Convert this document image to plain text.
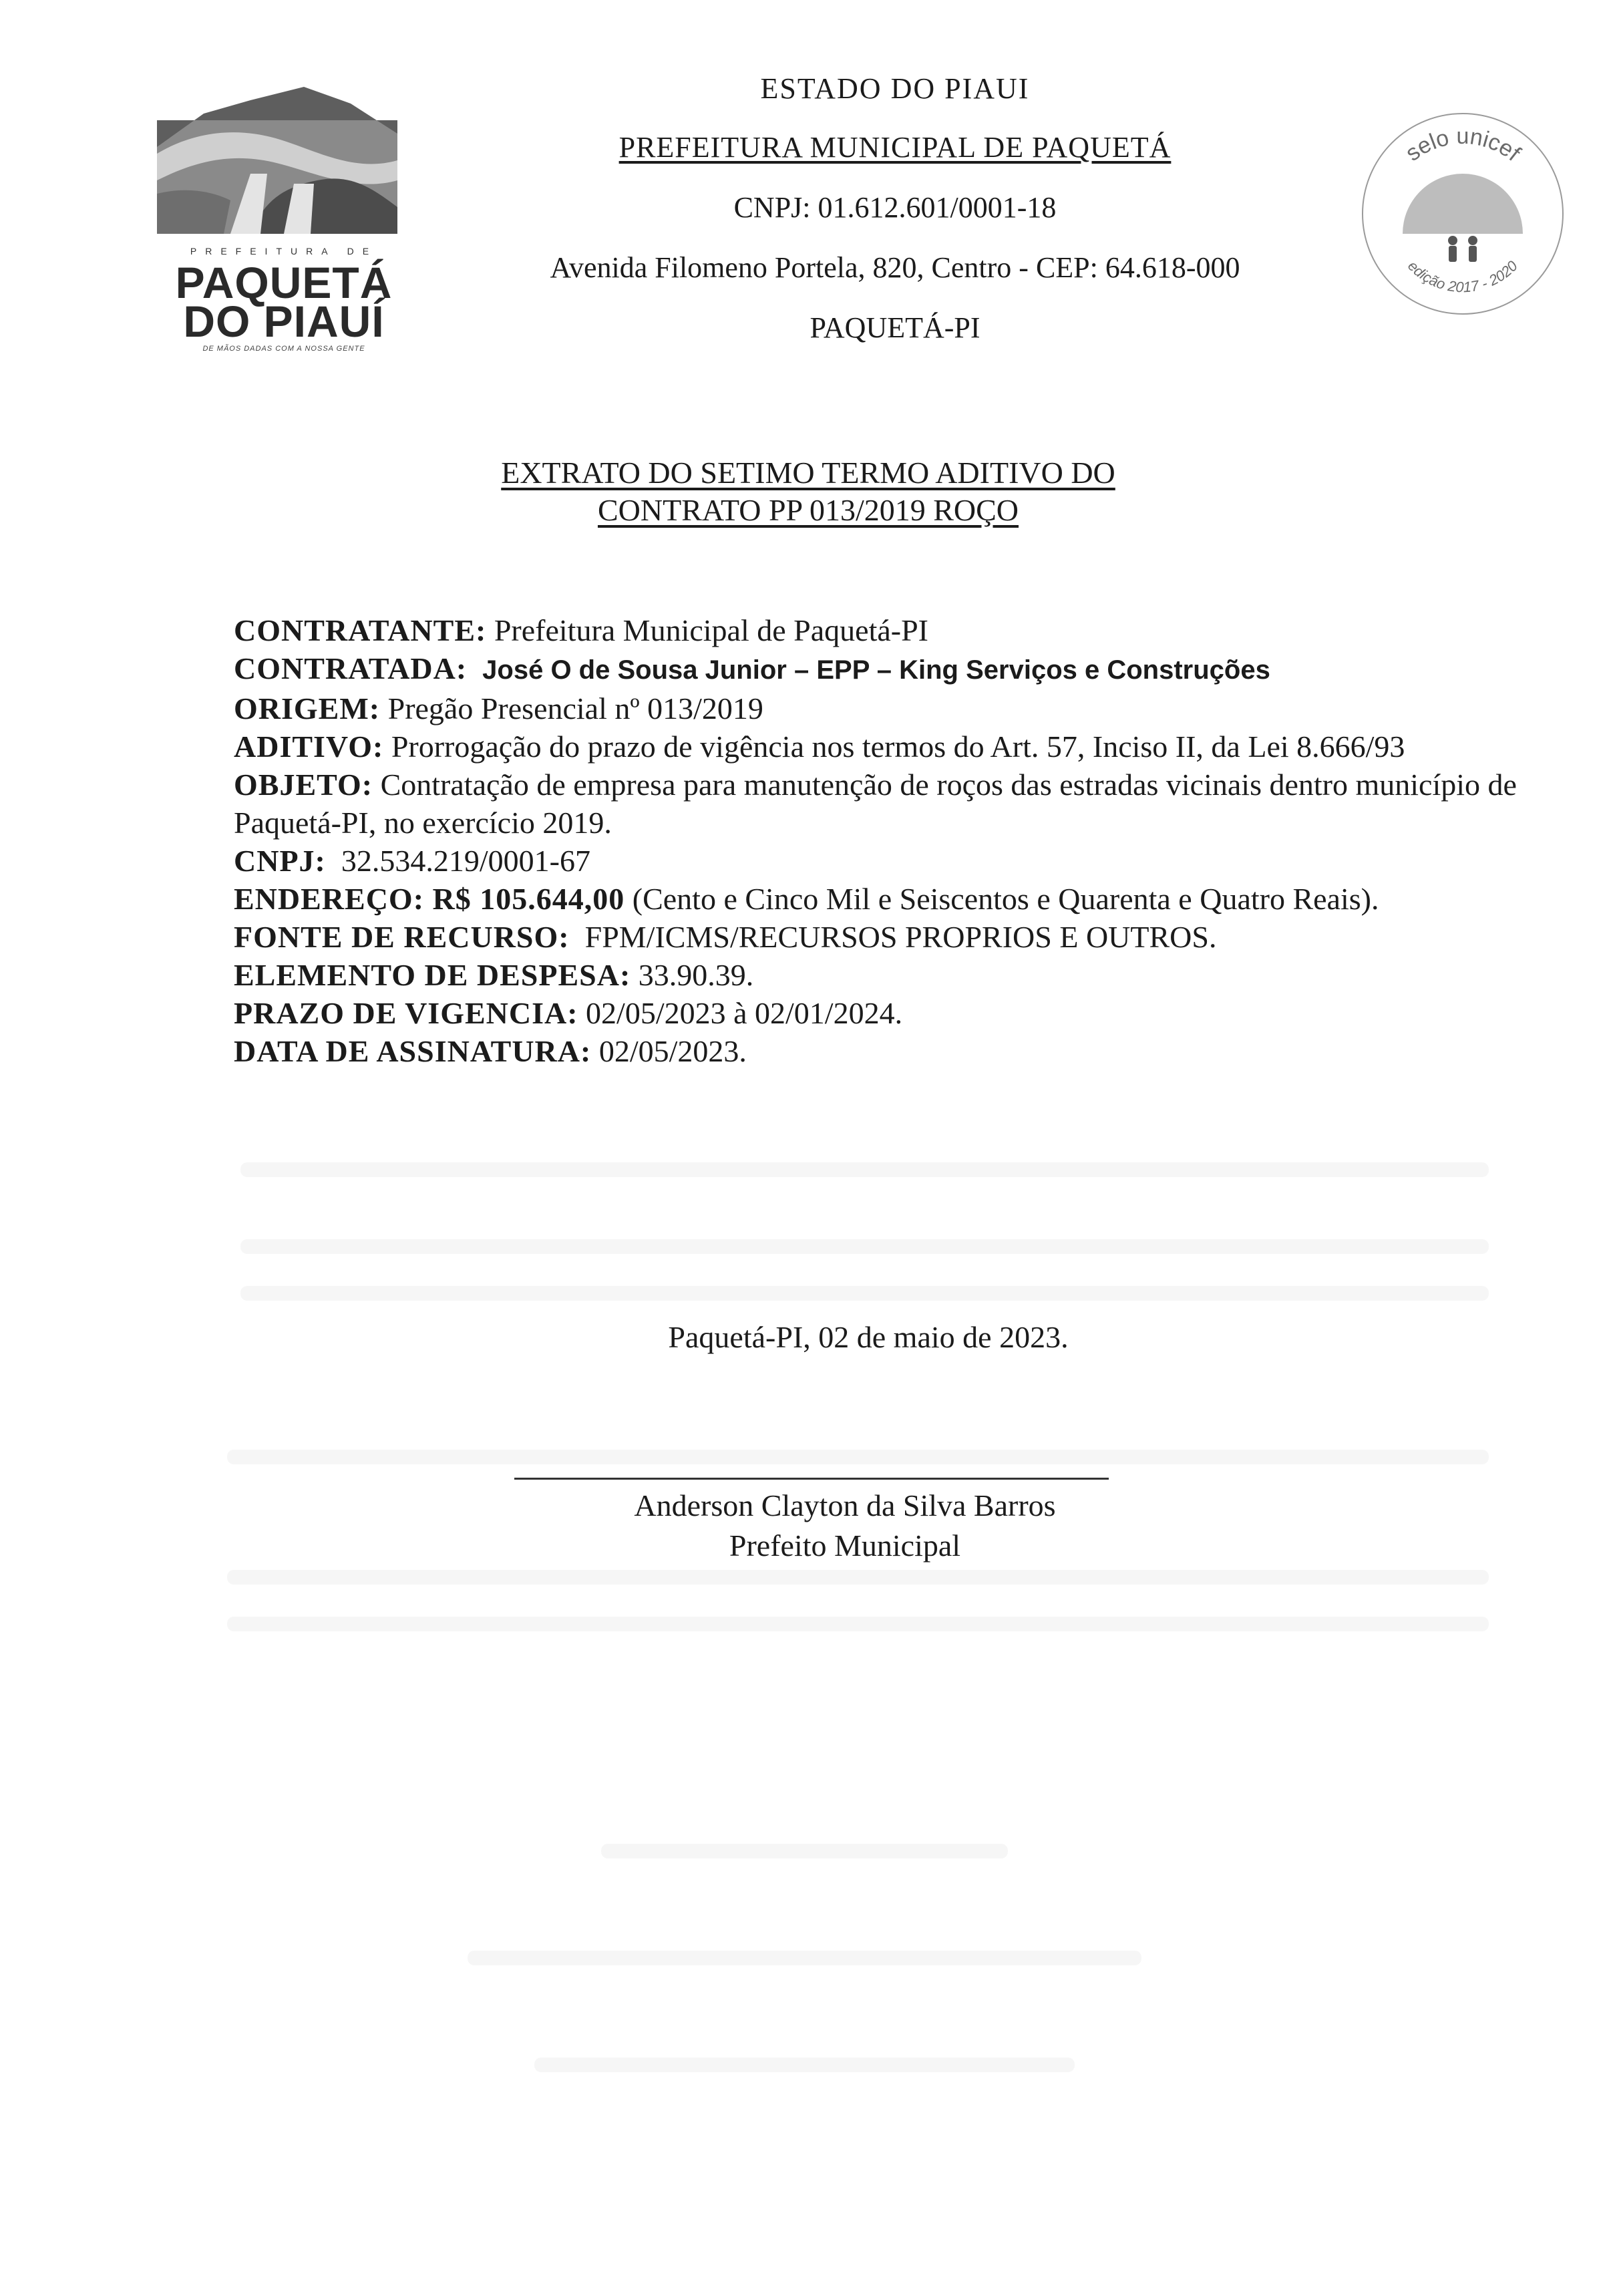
PREFEITURA DE
PAQUETÁ
DO PIAUÍ
DE MÃOS DADAS COM A NOSSA GENTE
ESTADO DO PIAUI
PREFEITURA MUNICIPAL DE PAQUETÁ
CNPJ: 01.612.601/0001-18
Avenida Filomeno Portela, 820, Centro - CEP: 64.618-000
PAQUETÁ-PI
selo unicef
edição 2017 - 2020
EXTRATO DO SETIMO TERMO ADITIVO DO
CONTRATO PP 013/2019 ROÇO

CONTRATANTE: Prefeitura Municipal de Paquetá-PI

CONTRATADA: José O de Sousa Junior – EPP – King Serviços e Construções

ORIGEM: Pregão Presencial nº 013/2019

ADITIVO: Prorrogação do prazo de vigência nos termos do Art. 57, Inciso II, da Lei 8.666/93

OBJETO: Contratação de empresa para manutenção de roços das estradas vicinais dentro município de Paquetá-PI, no exercício 2019.

CNPJ: 32.534.219/0001-67

ENDEREÇO: R$ 105.644,00 (Cento e Cinco Mil e Seiscentos e Quarenta e Quatro Reais).

FONTE DE RECURSO: FPM/ICMS/RECURSOS PROPRIOS E OUTROS.

ELEMENTO DE DESPESA: 33.90.39.

PRAZO DE VIGENCIA: 02/05/2023 à 02/01/2024.

DATA DE ASSINATURA: 02/05/2023.

Paquetá-PI, 02 de maio de 2023.
Anderson Clayton da Silva Barros
Prefeito Municipal
